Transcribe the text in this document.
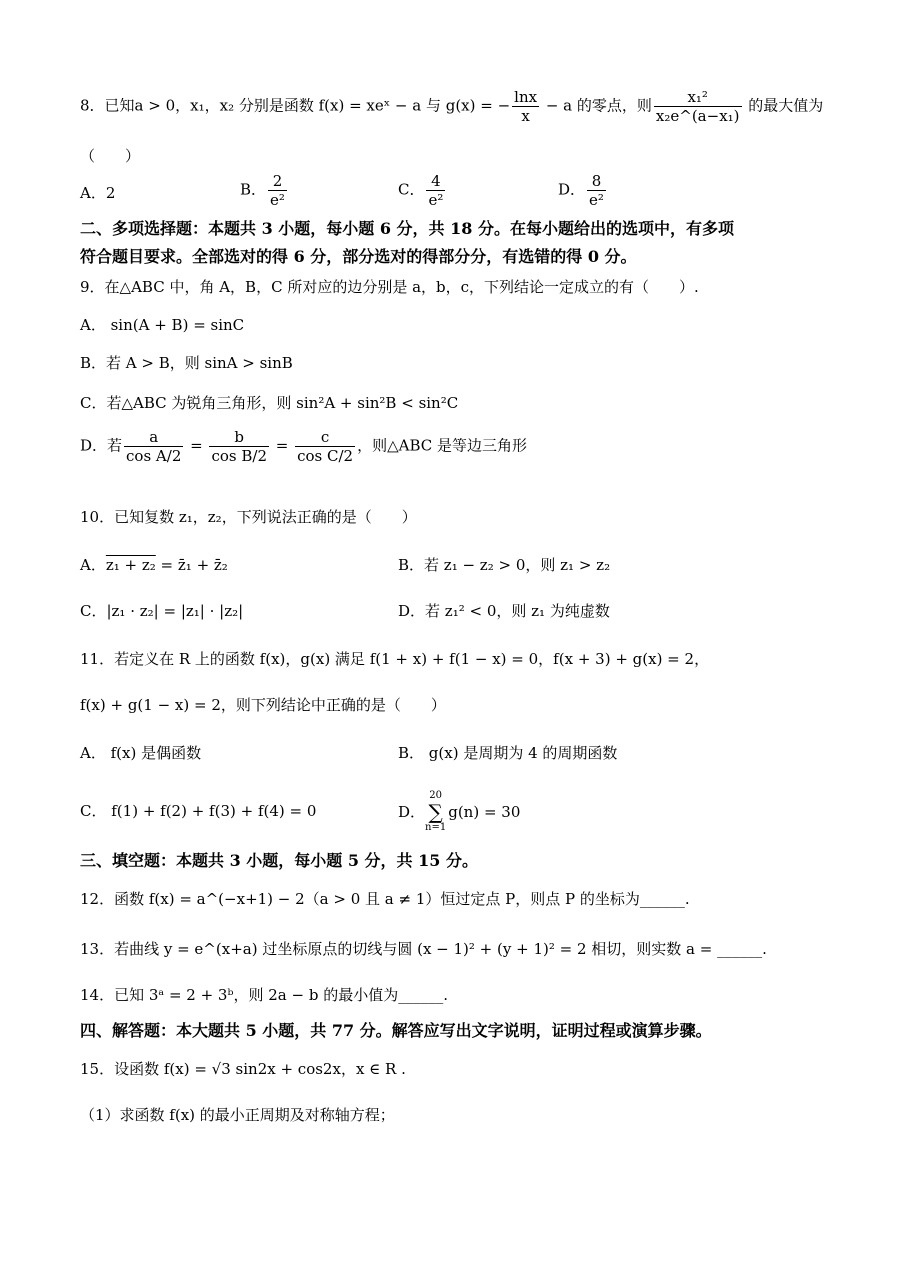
8．已知a > 0，x₁，x₂ 分别是函数 f(x) = xeˣ − a 与 g(x) = − $\frac{\ln x}{x} - a$ 的零点，则 $\frac{\text{x₁²}}{\text{x₂e\textasciicircum{}(a−x₁)}}$ 的最大值为
（　　）
A．2	B． $\frac{2}{\text{e²}}$	C． $\frac{4}{\text{e²}}$	D． $\frac{8}{\text{e²}}$
二、多项选择题：本题共 3 小题，每小题 6 分，共 18 分。在每小题给出的选项中，有多项
符合题目要求。全部选对的得 6 分，部分选对的得部分分，有选错的得 0 分。
9．在△ABC 中，角 A，B，C 所对应的边分别是 a，b，c，下列结论一定成立的有（　　）.
A． sin(A + B) = sinC
B．若 A > B，则 sinA > sinB
C．若△ABC 为锐角三角形，则 sin²A + sin²B < sin²C
D．若 $\frac{a}{\text{cos A/2}} = \frac{b}{\text{cos B/2}} = \frac{c}{\text{cos C/2}}$ ，则△ABC 是等边三角形
10．已知复数 z₁，z₂，下列说法正确的是（　　）
A．z₁ + z₂ = z̄₁ + z̄₂	B．若 z₁ − z₂ > 0，则 z₁ > z₂
C．|z₁ · z₂| = |z₁| · |z₂|	D．若 z₁² < 0，则 z₁ 为纯虚数
11．若定义在 R 上的函数 f(x)，g(x) 满足 f(1 + x) + f(1 − x) = 0，f(x + 3) + g(x) = 2，
f(x) + g(1 − x) = 2，则下列结论中正确的是（　　）
A． f(x) 是偶函数	B． g(x) 是周期为 4 的周期函数
C． f(1) + f(2) + f(3) + f(4) = 0	D．
20
∑
n=1
g(n) = 30
三、填空题：本题共 3 小题，每小题 5 分，共 15 分。
12．函数 f(x) = a^(−x+1) − 2（a > 0 且 a ≠ 1）恒过定点 P，则点 P 的坐标为______.
13．若曲线 y = e^(x+a) 过坐标原点的切线与圆 (x − 1)² + (y + 1)² = 2 相切，则实数 a = ______.
14．已知 3ᵃ = 2 + 3ᵇ，则 2a − b 的最小值为______.
四、解答题：本大题共 5 小题，共 77 分。解答应写出文字说明，证明过程或演算步骤。
15．设函数 f(x) = √3 sin2x + cos2x，x ∈ R .
（1）求函数 f(x) 的最小正周期及对称轴方程；
